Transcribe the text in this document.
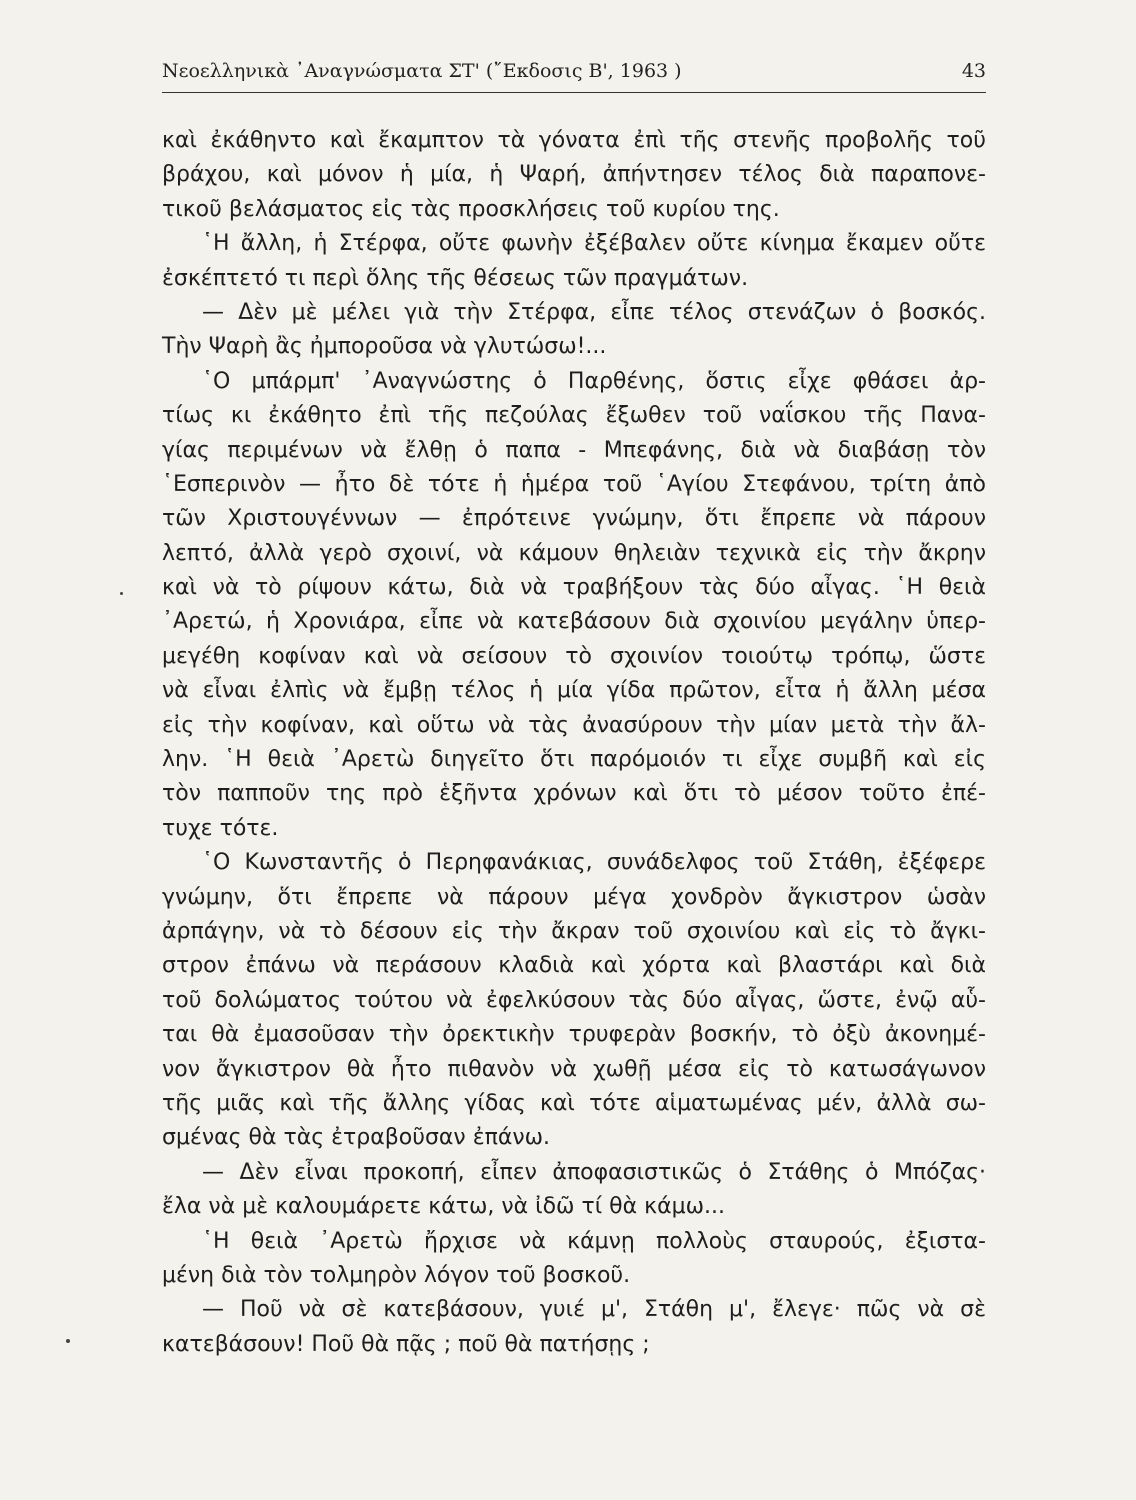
Νεοελληνικὰ ᾿Αναγνώσματα ΣΤ' (῎Εκδοσις Β', 1963 )	43
καὶ ἐκάθηντο καὶ ἔκαμπτον τὰ γόνατα ἐπὶ τῆς στενῆς προβολῆς τοῦ
βράχου, καὶ μόνον ἡ μία, ἡ Ψαρή, ἀπήντησεν τέλος διὰ παραπονε-
τικοῦ βελάσματος εἰς τὰς προσκλήσεις τοῦ κυρίου της.
῾Η ἄλλη, ἡ Στέρφα, οὔτε φωνὴν ἐξέβαλεν οὔτε κίνημα ἔκαμεν οὔτε
ἐσκέπτετό τι περὶ ὅλης τῆς θέσεως τῶν πραγμάτων.
— Δὲν μὲ μέλει γιὰ τὴν Στέρφα, εἶπε τέλος στενάζων ὁ βοσκός.
Τὴν Ψαρὴ ἂς ἠμποροῦσα νὰ γλυτώσω!...
῾Ο μπάρμπ' ᾿Αναγνώστης ὁ Παρθένης, ὅστις εἶχε φθάσει ἀρ-
τίως κι ἐκάθητο ἐπὶ τῆς πεζούλας ἔξωθεν τοῦ ναΐσκου τῆς Πανα-
γίας περιμένων νὰ ἔλθῃ ὁ παπα - Μπεφάνης, διὰ νὰ διαβάσῃ τὸν
῾Εσπερινὸν — ἦτο δὲ τότε ἡ ἡμέρα τοῦ ῾Αγίου Στεφάνου, τρίτη ἀπὸ
τῶν Χριστουγέννων — ἐπρότεινε γνώμην, ὅτι ἔπρεπε νὰ πάρουν
λεπτό, ἀλλὰ γερὸ σχοινί, νὰ κάμουν θηλειὰν τεχνικὰ εἰς τὴν ἄκρην
καὶ νὰ τὸ ρίψουν κάτω, διὰ νὰ τραβήξουν τὰς δύο αἶγας. ῾Η θειὰ
᾿Αρετώ, ἡ Χρονιάρα, εἶπε νὰ κατεβάσουν διὰ σχοινίου μεγάλην ὑπερ-
μεγέθη κοφίναν καὶ νὰ σείσουν τὸ σχοινίον τοιούτῳ τρόπῳ, ὥστε
νὰ εἶναι ἐλπὶς νὰ ἔμβῃ τέλος ἡ μία γίδα πρῶτον, εἶτα ἡ ἄλλη μέσα
εἰς τὴν κοφίναν, καὶ οὕτω νὰ τὰς ἀνασύρουν τὴν μίαν μετὰ τὴν ἄλ-
λην. ῾Η θειὰ ᾿Αρετὼ διηγεῖτο ὅτι παρόμοιόν τι εἶχε συμβῆ καὶ εἰς
τὸν παπποῦν της πρὸ ἑξῆντα χρόνων καὶ ὅτι τὸ μέσον τοῦτο ἐπέ-
τυχε τότε.
῾Ο Κωνσταντῆς ὁ Περηφανάκιας, συνάδελφος τοῦ Στάθη, ἐξέφερε
γνώμην, ὅτι ἔπρεπε νὰ πάρουν μέγα χονδρὸν ἄγκιστρον ὡσὰν
ἀρπάγην, νὰ τὸ δέσουν εἰς τὴν ἄκραν τοῦ σχοινίου καὶ εἰς τὸ ἄγκι-
στρον ἐπάνω νὰ περάσουν κλαδιὰ καὶ χόρτα καὶ βλαστάρι καὶ διὰ
τοῦ δολώματος τούτου νὰ ἐφελκύσουν τὰς δύο αἶγας, ὥστε, ἐνῷ αὗ-
ται θὰ ἐμασοῦσαν τὴν ὀρεκτικὴν τρυφερὰν βοσκήν, τὸ ὀξὺ ἀκονημέ-
νον ἄγκιστρον θὰ ἦτο πιθανὸν νὰ χωθῇ μέσα εἰς τὸ κατωσάγωνον
τῆς μιᾶς καὶ τῆς ἄλλης γίδας καὶ τότε αἱματωμένας μέν, ἀλλὰ σω-
σμένας θὰ τὰς ἐτραβοῦσαν ἐπάνω.
— Δὲν εἶναι προκοπή, εἶπεν ἀποφασιστικῶς ὁ Στάθης ὁ Μπόζας·
ἔλα νὰ μὲ καλουμάρετε κάτω, νὰ ἰδῶ τί θὰ κάμω...
῾Η θειὰ ᾿Αρετὼ ἤρχισε νὰ κάμνῃ πολλοὺς σταυρούς, ἐξιστα-
μένη διὰ τὸν τολμηρὸν λόγον τοῦ βοσκοῦ.
— Ποῦ νὰ σὲ κατεβάσουν, γυιέ μ', Στάθη μ', ἔλεγε· πῶς νὰ σὲ
κατεβάσουν! Ποῦ θὰ πᾷς ; ποῦ θὰ πατήσῃς ;
